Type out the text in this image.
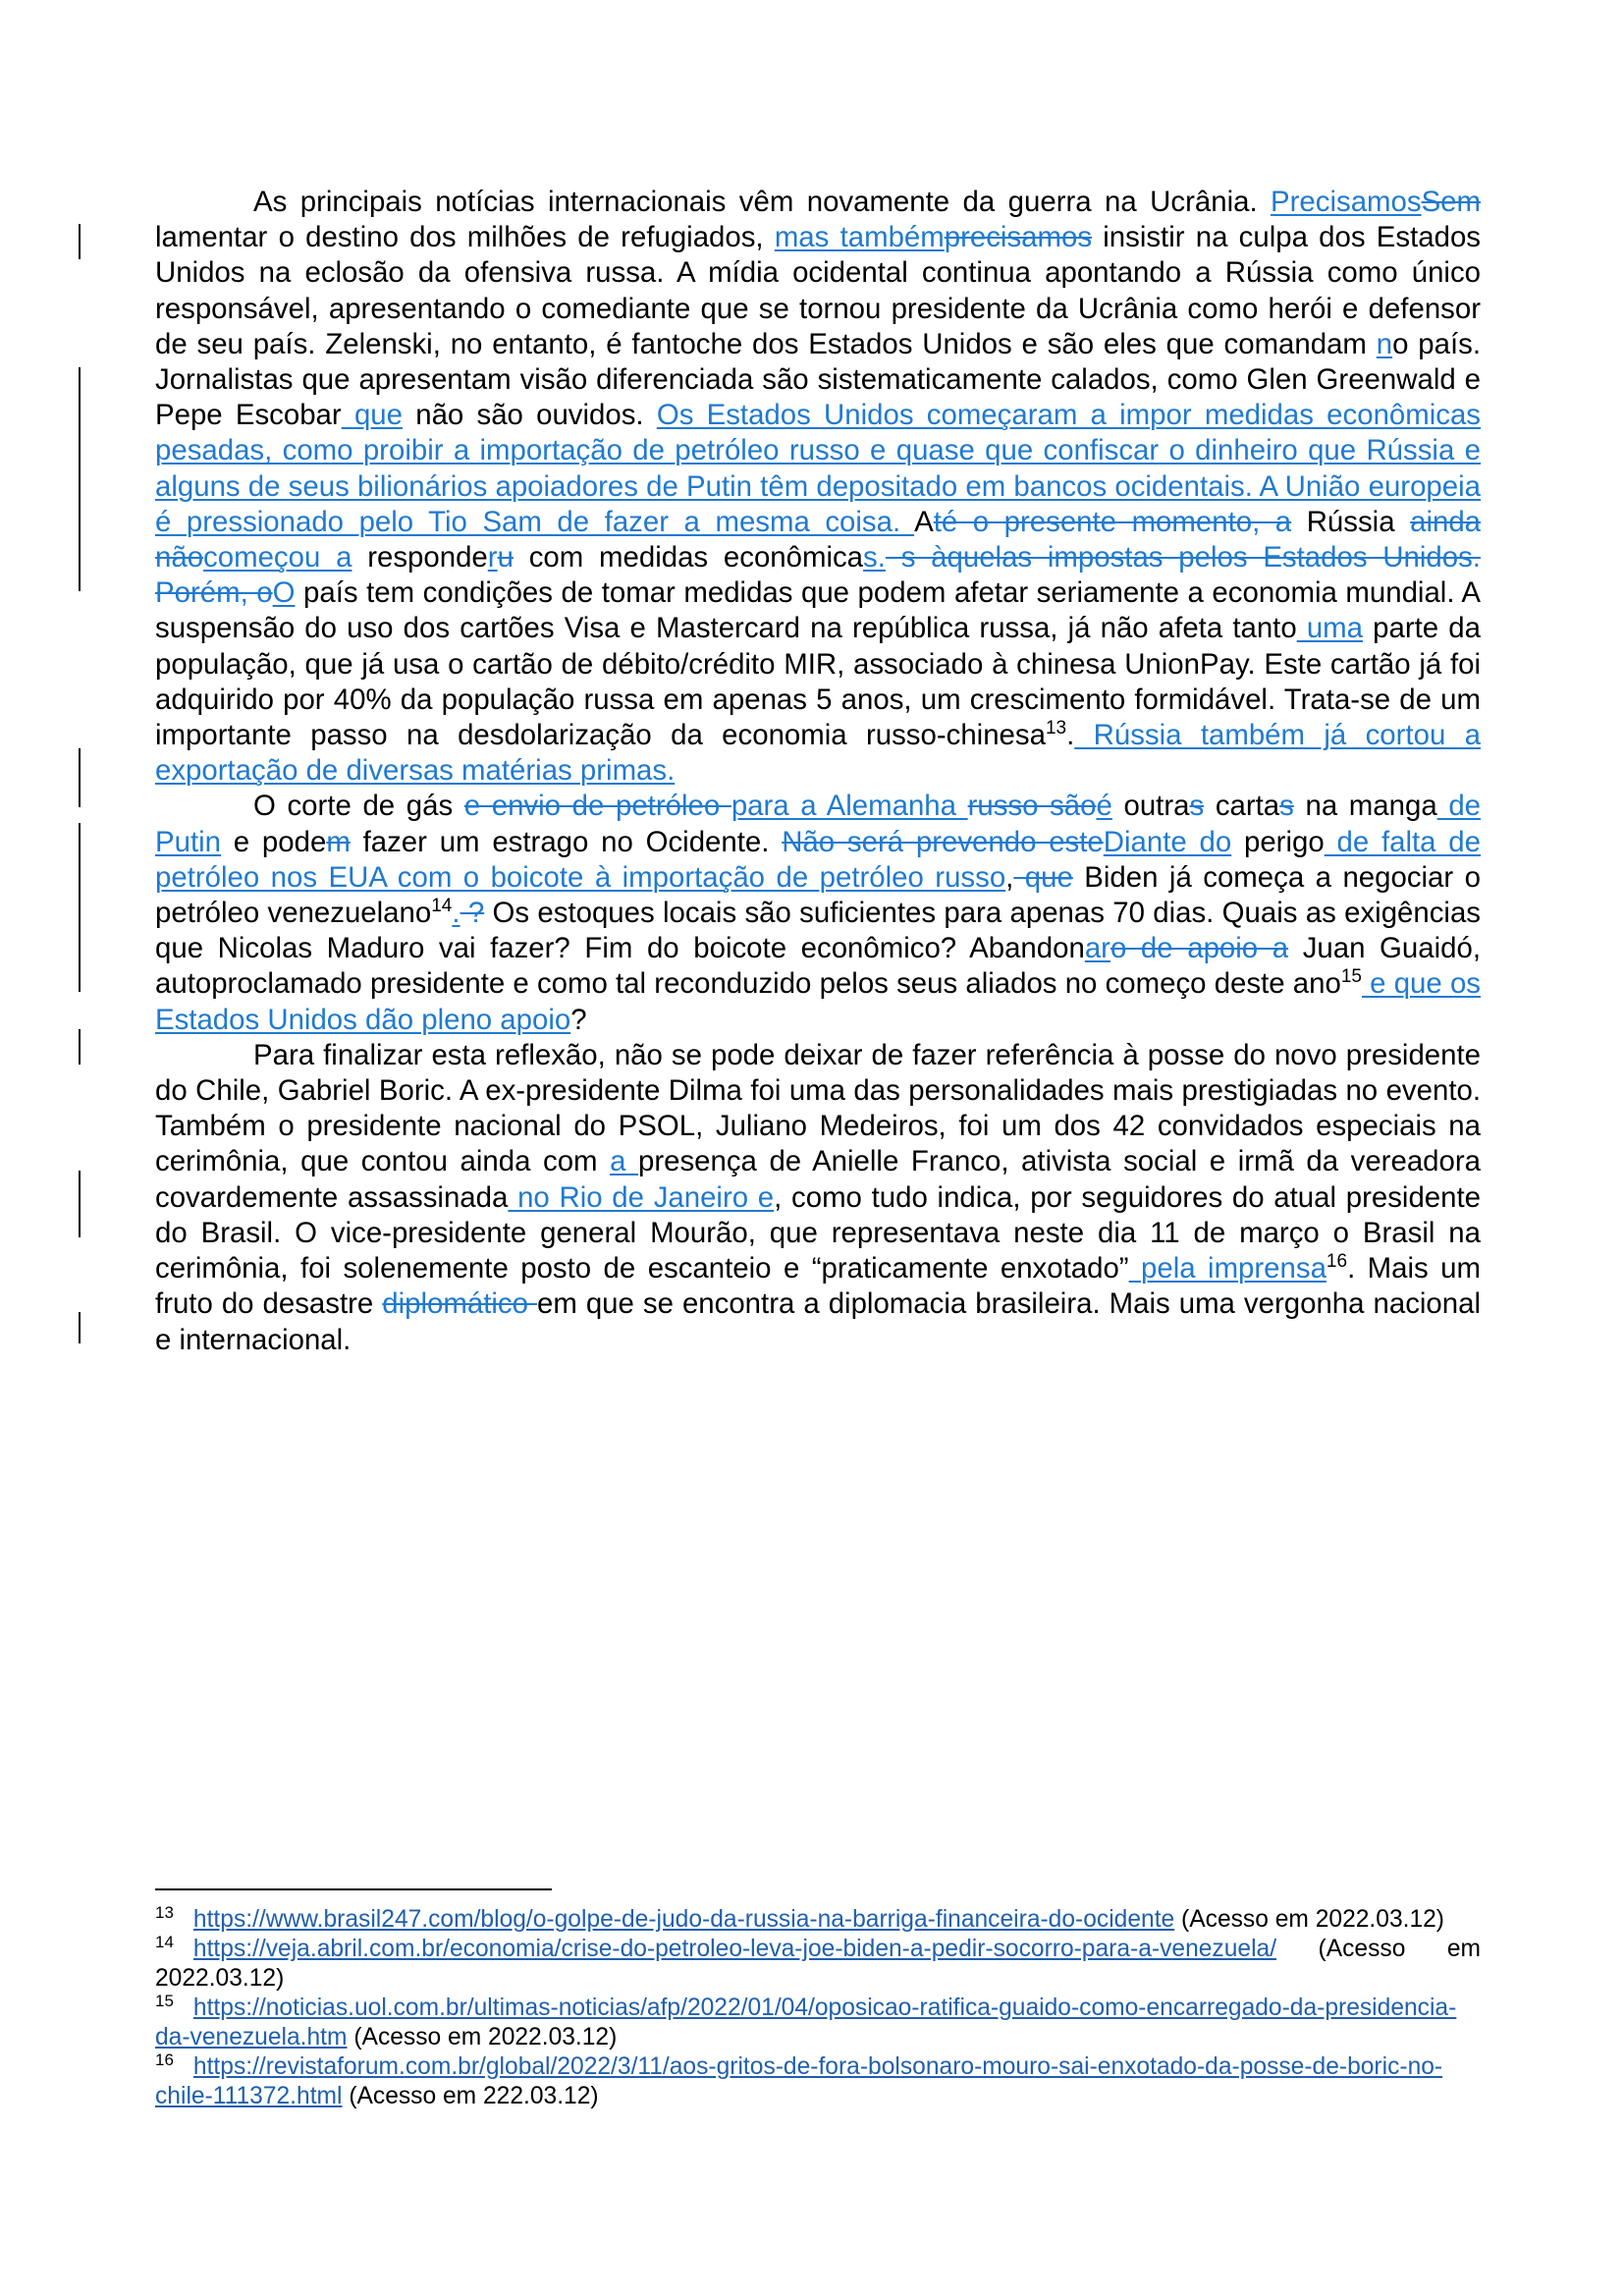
As principais notícias internacionais vêm novamente da guerra na Ucrânia. PrecisamosSem lamentar o destino dos milhões de refugiados, mas tambémprecisamos insistir na culpa dos Estados Unidos na eclosão da ofensiva russa. A mídia ocidental continua apontando a Rússia como único responsável, apresentando o comediante que se tornou presidente da Ucrânia como herói e defensor de seu país. Zelenski, no entanto, é fantoche dos Estados Unidos e são eles que comandam no país. Jornalistas que apresentam visão diferenciada são sistematicamente calados, como Glen Greenwald e Pepe Escobar que não são ouvidos. Os Estados Unidos começaram a impor medidas econômicas pesadas, como proibir a importação de petróleo russo e quase que confiscar o dinheiro que Rússia e alguns de seus bilionários apoiadores de Putin têm depositado em bancos ocidentais. A União europeia é pressionado pelo Tio Sam de fazer a mesma coisa. Até o presente momento, a Rússia ainda nãocomeçou a responderu com medidas econômicas. s àquelas impostas pelos Estados Unidos. Porém, oO país tem condições de tomar medidas que podem afetar seriamente a economia mundial. A suspensão do uso dos cartões Visa e Mastercard na república russa, já não afeta tanto uma parte da população, que já usa o cartão de débito/crédito MIR, associado à chinesa UnionPay. Este cartão já foi adquirido por 40% da população russa em apenas 5 anos, um crescimento formidável. Trata-se de um importante passo na desdolarização da economia russo-chinesa$^{13}$. Rússia também já cortou a exportação de diversas matérias primas.

O corte de gás e envio de petróleo para a Alemanha russo sãoé outras cartas na manga de Putin e podem fazer um estrago no Ocidente. Não será prevendo esteDiante do perigo de falta de petróleo nos EUA com o boicote à importação de petróleo russo, que Biden já começa a negociar o petróleo venezuelano$^{14}$. ? Os estoques locais são suficientes para apenas 70 dias. Quais as exigências que Nicolas Maduro vai fazer? Fim do boicote econômico? Abandonaro de apoio a Juan Guaidó, autoproclamado presidente e como tal reconduzido pelos seus aliados no começo deste ano$^{15}$ e que os Estados Unidos dão pleno apoio?

Para finalizar esta reflexão, não se pode deixar de fazer referência à posse do novo presidente do Chile, Gabriel Boric. A ex-presidente Dilma foi uma das personalidades mais prestigiadas no evento. Também o presidente nacional do PSOL, Juliano Medeiros, foi um dos 42 convidados especiais na cerimônia, que contou ainda com a presença de Anielle Franco, ativista social e irmã da vereadora covardemente assassinada no Rio de Janeiro e, como tudo indica, por seguidores do atual presidente do Brasil. O vice-presidente general Mourão, que representava neste dia 11 de março o Brasil na cerimônia, foi solenemente posto de escanteio e “praticamente enxotado” pela imprensa$^{16}$. Mais um fruto do desastre diplomático em que se encontra a diplomacia brasileira. Mais uma vergonha nacional e internacional.

$^{13}$ https://www.brasil247.com/blog/o-golpe-de-judo-da-russia-na-barriga-financeira-do-ocidente (Acesso em 2022.03.12)

$^{14}$ https://veja.abril.com.br/economia/crise-do-petroleo-leva-joe-biden-a-pedir-socorro-para-a-venezuela/ (Acesso em 2022.03.12)

$^{15}$ https://noticias.uol.com.br/ultimas-noticias/afp/2022/01/04/oposicao-ratifica-guaido-como-encarregado-da-presidencia-da-venezuela.htm (Acesso em 2022.03.12)

$^{16}$ https://revistaforum.com.br/global/2022/3/11/aos-gritos-de-fora-bolsonaro-mouro-sai-enxotado-da-posse-de-boric-no-chile-111372.html (Acesso em 222.03.12)
